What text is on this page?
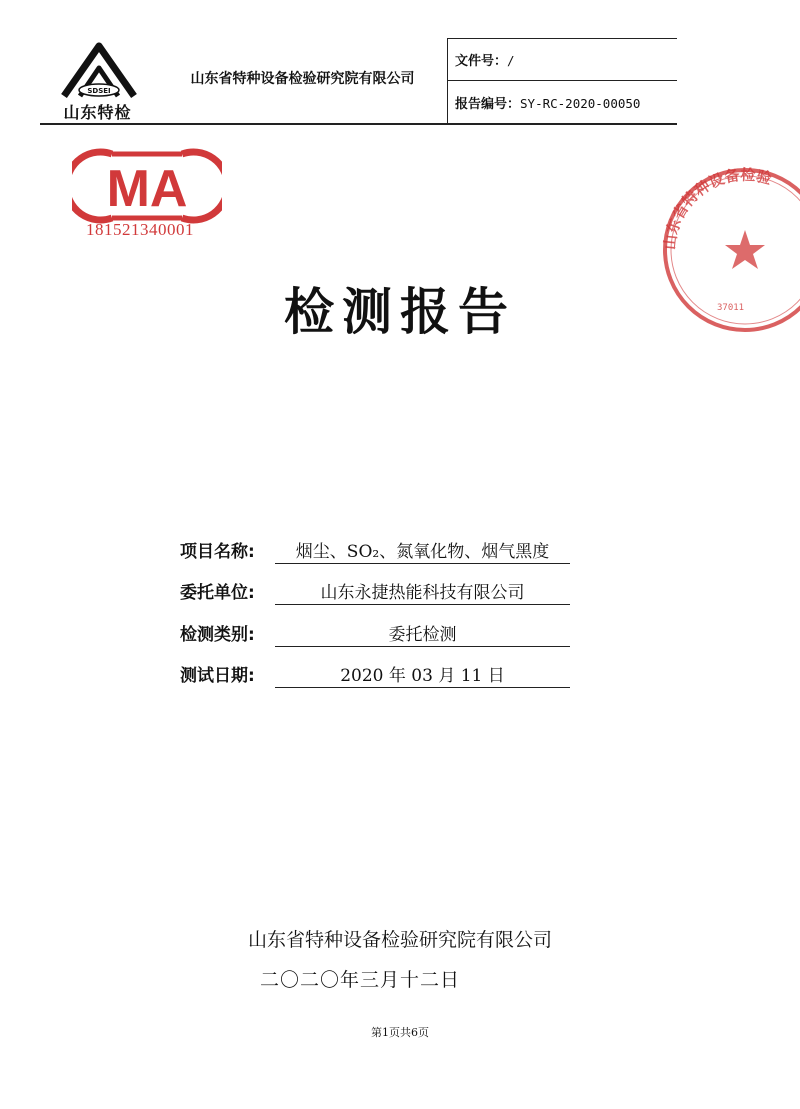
SDSEI
山东特检
山东省特种设备检验研究院有限公司
文件号：/
报告编号：SY-RC-2020-00050
MA
181521340001
山东省特种设备检验
37011
检测报告
项目名称:	烟尘、SO₂、氮氧化物、烟气黑度
委托单位:	山东永捷热能科技有限公司
检测类别:	委托检测
测试日期:	2020 年 03 月 11 日
山东省特种设备检验研究院有限公司
二〇二〇年三月十二日
第1页共6页
